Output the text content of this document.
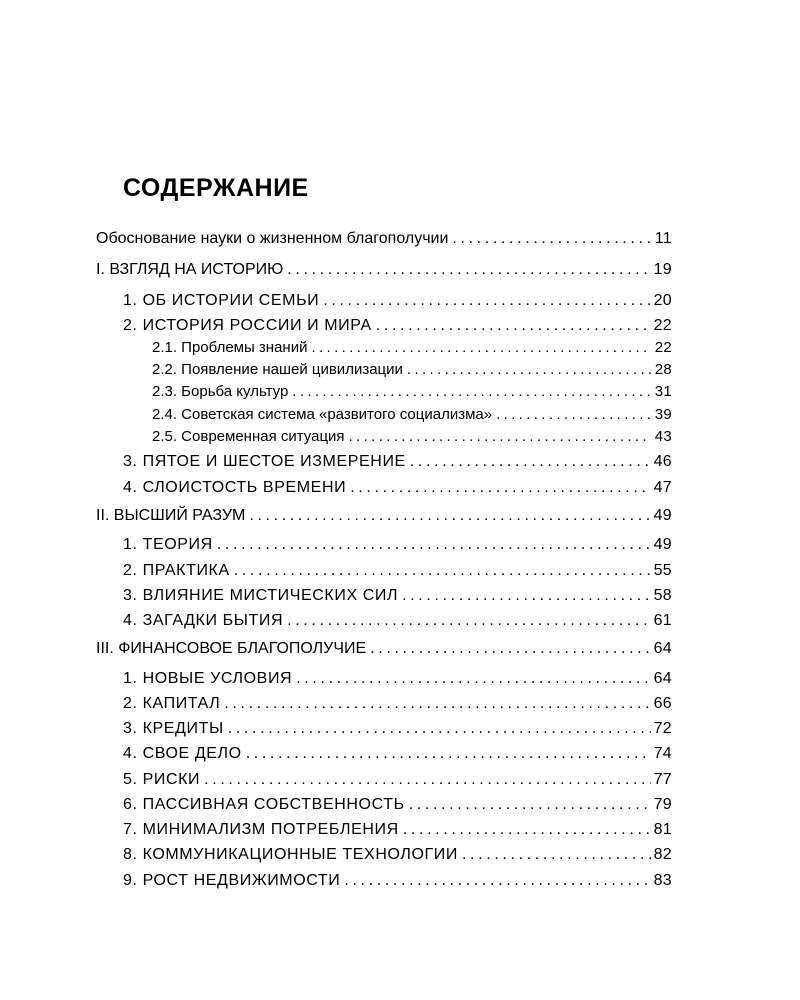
СОДЕРЖАНИЕ
Обоснование науки о жизненном благополучии . . .	11
I. ВЗГЛЯД НА ИСТОРИЮ . . .	19
1. ОБ ИСТОРИИ СЕМЬИ . . .	20
2. ИСТОРИЯ РОССИИ И МИРА . . .	22
2.1. Проблемы знаний . . .	22
2.2. Появление нашей цивилизации . . .	28
2.3. Борьба культур . . .	31
2.4. Советская система «развитого социализма» . . .	39
2.5. Современная ситуация . . .	43
3. ПЯТОЕ И ШЕСТОЕ ИЗМЕРЕНИЕ . . .	46
4. СЛОИСТОСТЬ ВРЕМЕНИ . . .	47
II. ВЫСШИЙ РАЗУМ . . .	49
1. ТЕОРИЯ . . .	49
2. ПРАКТИКА . . .	55
3. ВЛИЯНИЕ МИСТИЧЕСКИХ СИЛ . . .	58
4. ЗАГАДКИ БЫТИЯ . . .	61
III. ФИНАНСОВОЕ БЛАГОПОЛУЧИЕ . . .	64
1. НОВЫЕ УСЛОВИЯ . . .	64
2. КАПИТАЛ . . .	66
3. КРЕДИТЫ . . .	72
4. СВОЕ ДЕЛО . . .	74
5. РИСКИ . . .	77
6. ПАССИВНАЯ СОБСТВЕННОСТЬ . . .	79
7. МИНИМАЛИЗМ ПОТРЕБЛЕНИЯ . . .	81
8. КОММУНИКАЦИОННЫЕ ТЕХНОЛОГИИ . . .	82
9. РОСТ НЕДВИЖИМОСТИ . . .	83
